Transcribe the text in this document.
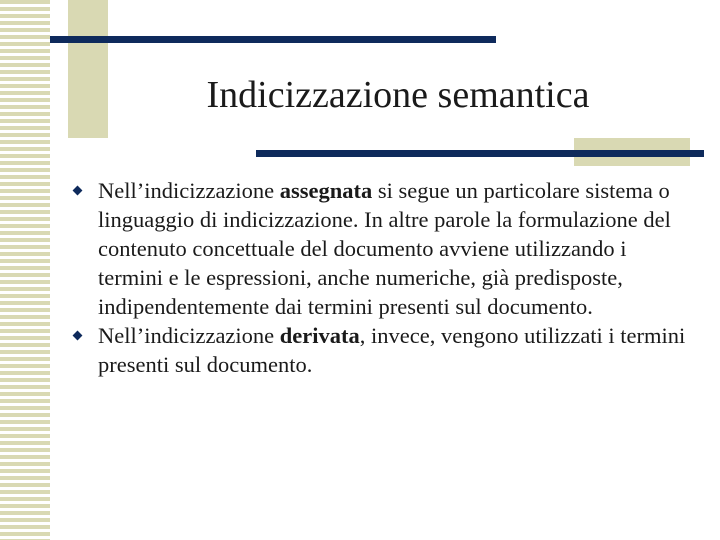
Indicizzazione semantica
Nell’indicizzazione assegnata si segue un particolare sistema o linguaggio di indicizzazione. In altre parole la formulazione del contenuto concettuale del documento avviene utilizzando i termini e le espressioni, anche numeriche, già predisposte, indipendentemente dai termini presenti sul documento.
Nell’indicizzazione derivata, invece, vengono utilizzati i termini presenti sul documento.
